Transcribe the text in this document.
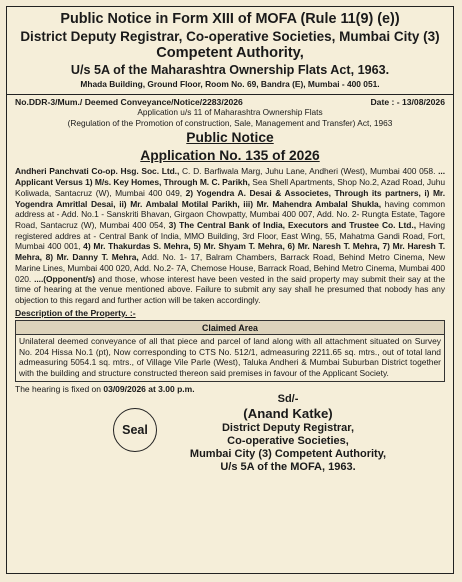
Public Notice in Form XIII of MOFA (Rule 11(9) (e))
District Deputy Registrar, Co-operative Societies, Mumbai City (3)
Competent Authority,
U/s 5A of the Maharashtra Ownership Flats Act, 1963.
Mhada Building, Ground Floor, Room No. 69, Bandra (E), Mumbai - 400 051.
No.DDR-3/Mum./ Deemed Conveyance/Notice/2283/2026	Date : - 13/08/2026
Application u/s 11 of Maharashtra Ownership Flats
(Regulation of the Promotion of construction, Sale, Management and Transfer) Act, 1963
Public Notice
Application No. 135 of 2026
Andheri Panchvati Co-op. Hsg. Soc. Ltd., C. D. Barfiwala Marg, Juhu Lane, Andheri (West), Mumbai 400 058. ... Applicant Versus 1) M/s. Key Homes, Through M. C. Parikh, Sea Shell Apartments, Shop No.2, Azad Road, Juhu Koliwada, Santacruz (W), Mumbai 400 049, 2) Yogendra A. Desai & Associetes, Through its partners, i) Mr. Yogendra Amritlal Desai, ii) Mr. Ambalal Motilal Parikh, iii) Mr. Mahendra Ambalal Shukla, having common address at - Add. No.1 - Sanskriti Bhavan, Girgaon Chowpatty, Mumbai 400 007, Add. No. 2- Rungta Estate, Tagore Road, Santacruz (W), Mumbai 400 054, 3) The Central Bank of India, Executors and Trustee Co. Ltd., Having registered addres at - Central Bank of India, MMO Building, 3rd Floor, East Wing, 55, Mahatma Gandi Road, Fort, Mumbai 400 001, 4) Mr. Thakurdas S. Mehra, 5) Mr. Shyam T. Mehra, 6) Mr. Naresh T. Mehra, 7) Mr. Haresh T. Mehra, 8) Mr. Danny T. Mehra, Add. No. 1- 17, Balram Chambers, Barrack Road, Behind Metro Cinema, New Marine Lines, Mumbai 400 020, Add. No.2- 7A, Chemose House, Barrack Road, Behind Metro Cinema, Mumbai 400 020. ....(Opponent/s) and those, whose interest have been vested in the said property may submit their say at the time of hearing at the venue mentioned above. Failure to submit any say shall he presumed that nobody has any objection to this regard and further action will be taken accordingly.
Description of the Property. :-
Claimed Area
Unilateral deemed conveyance of all that piece and parcel of land along with all attachment situated on Survey No. 204 Hissa No.1 (pt), Now corresponding to CTS No. 512/1, admeasuring 2211.65 sq. mtrs., out of total land admeasuring 5054.1 sq. mtrs., of Village Vile Parle (West), Taluka Andheri & Mumbai Suburban District together with the building and structure constructed thereon said premises in favour of the Applicant Society.
The hearing is fixed on 03/09/2026 at 3.00 p.m.
Seal
Sd/-
(Anand Katke)
District Deputy Registrar,
Co-operative Societies,
Mumbai City (3) Competent Authority,
U/s 5A of the MOFA, 1963.
